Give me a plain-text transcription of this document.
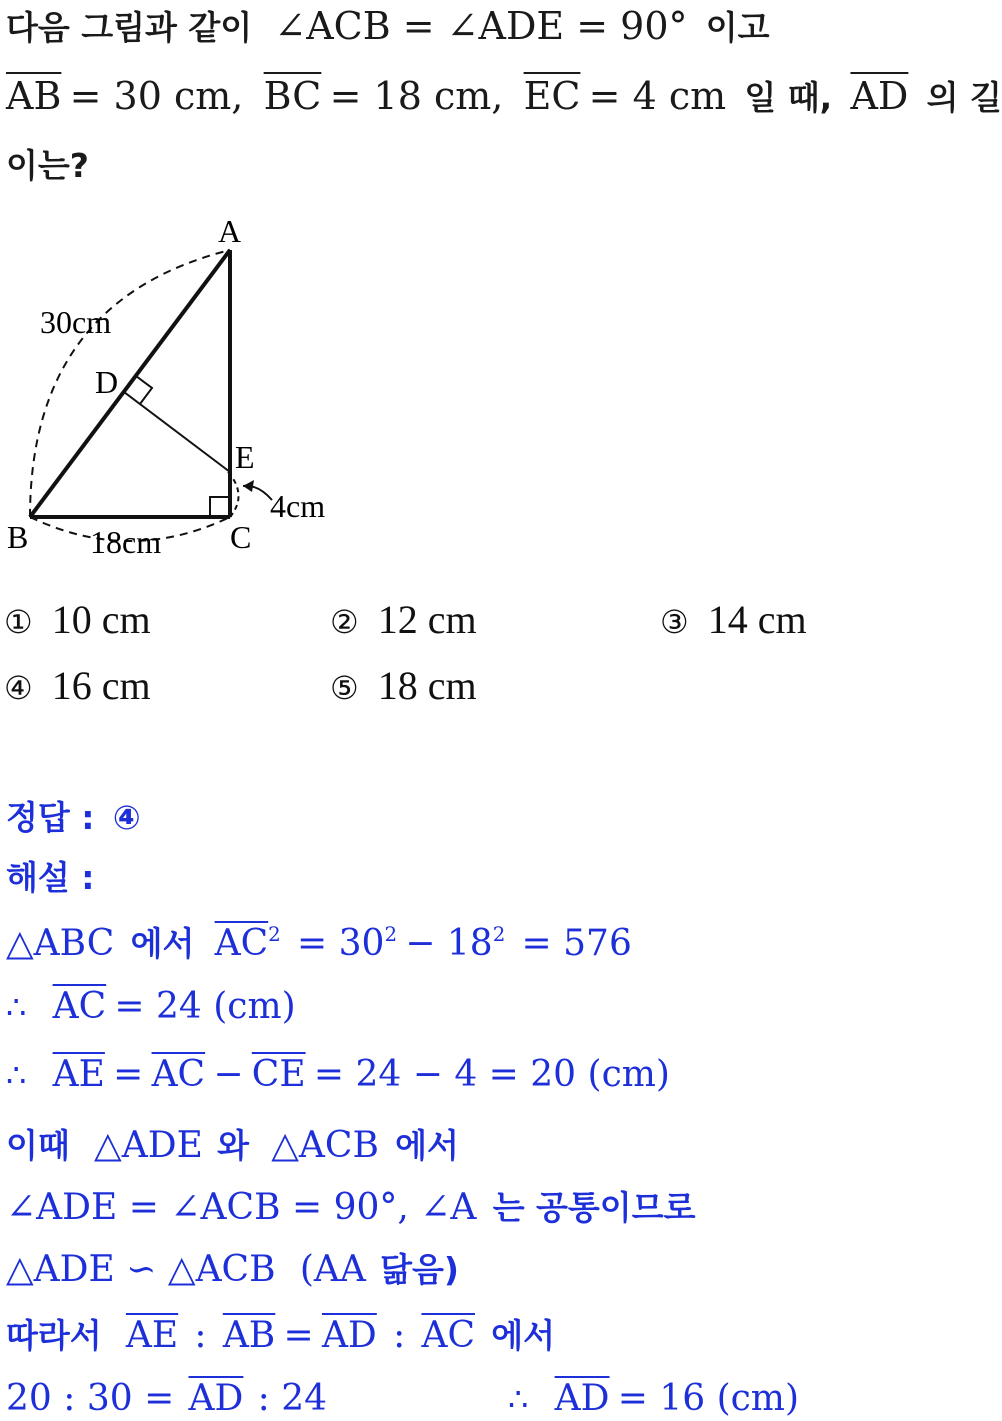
다음 그림과 같이 ∠ACB = ∠ADE = 90° 이고
$\overline{AB} = 30$ cm, $\overline{BC} = 18$ cm, $\overline{EC} = 4$ cm 일 때, $\overline{AD}$ 의 길
이는?
A
B	C
D
E
30cm
18cm
4cm
① 10 cm	② 12 cm	③ 14 cm
④ 16 cm	⑤ 18 cm
정답 : ④
해설 :
△ABC 에서 $\overline{AC}^2 = 30^2 - 18^2 = 576$
∴ $\overline{AC} = 24$ (cm)
∴ $\overline{AE} = \overline{AC} - \overline{CE} = 24 - 4 = 20$ (cm)
이때 △ADE 와 △ACB 에서
∠ADE = ∠ACB = 90°, ∠A 는 공통이므로
△ADE ∽ △ACB (AA 닮음)
따라서 $\overline{AE}$ : $\overline{AB} = \overline{AD}$ : $\overline{AC}$ 에서
20 : $30 = \overline{AD}$ : 24	∴ $\overline{AD} = 16$ (cm)
